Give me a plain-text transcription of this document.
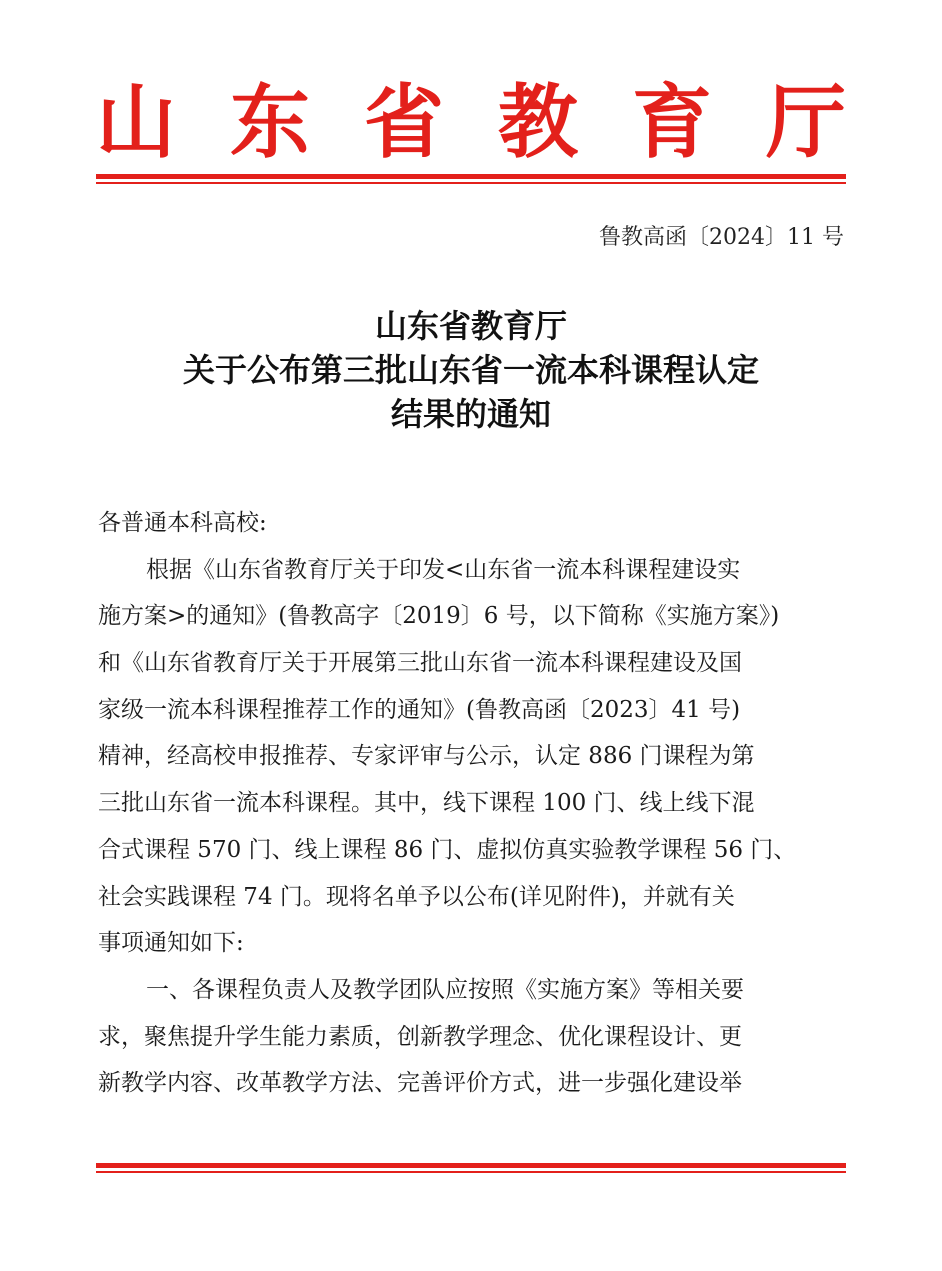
山 东 省 教 育 厅
鲁教高函〔2024〕11 号
山东省教育厅
关于公布第三批山东省一流本科课程认定
结果的通知
各普通本科高校:
根据《山东省教育厅关于印发<山东省一流本科课程建设实
施方案>的通知》(鲁教高字〔2019〕6 号，以下简称《实施方案》)
和《山东省教育厅关于开展第三批山东省一流本科课程建设及国
家级一流本科课程推荐工作的通知》(鲁教高函〔2023〕41 号)
精神，经高校申报推荐、专家评审与公示，认定 886 门课程为第
三批山东省一流本科课程。其中，线下课程 100 门、线上线下混
合式课程 570 门、线上课程 86 门、虚拟仿真实验教学课程 56 门、
社会实践课程 74 门。现将名单予以公布(详见附件)，并就有关
事项通知如下:
一、各课程负责人及教学团队应按照《实施方案》等相关要
求，聚焦提升学生能力素质，创新教学理念、优化课程设计、更
新教学内容、改革教学方法、完善评价方式，进一步强化建设举
